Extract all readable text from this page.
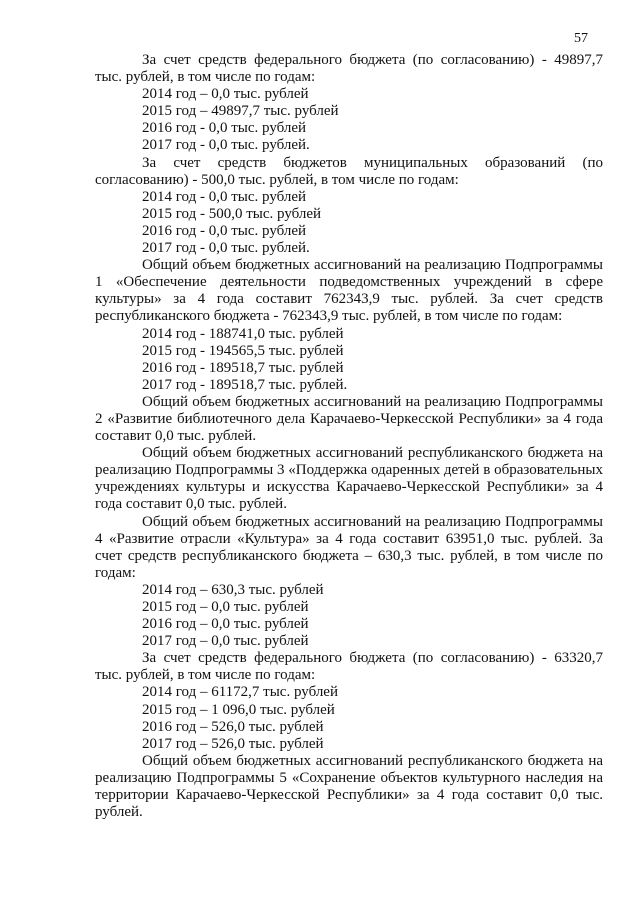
57

За счет средств федерального бюджета (по согласованию) - 49897,7 тыс. рублей, в том числе по годам:

2014 год – 0,0 тыс. рублей

2015 год – 49897,7 тыс. рублей

2016 год - 0,0 тыс. рублей

2017 год - 0,0 тыс. рублей.

За счет средств бюджетов муниципальных образований (по согласованию) - 500,0 тыс. рублей, в том числе по годам:

2014 год - 0,0 тыс. рублей

2015 год - 500,0 тыс. рублей

2016 год - 0,0 тыс. рублей

2017 год - 0,0 тыс. рублей.

Общий объем бюджетных ассигнований на реализацию Подпрограммы 1 «Обеспечение деятельности подведомственных учреждений в сфере культуры» за 4 года составит 762343,9 тыс. рублей. За счет средств республиканского бюджета - 762343,9 тыс. рублей, в том числе по годам:

2014 год - 188741,0 тыс. рублей

2015 год - 194565,5 тыс. рублей

2016 год - 189518,7 тыс. рублей

2017 год - 189518,7 тыс. рублей.

Общий объем бюджетных ассигнований на реализацию Подпрограммы 2 «Развитие библиотечного дела Карачаево-Черкесской Республики» за 4 года составит 0,0 тыс. рублей.

Общий объем бюджетных ассигнований республиканского бюджета на реализацию Подпрограммы 3 «Поддержка одаренных детей в образовательных учреждениях культуры и искусства Карачаево-Черкесской Республики» за 4 года составит 0,0 тыс. рублей.

Общий объем бюджетных ассигнований на реализацию Подпрограммы 4 «Развитие отрасли «Культура» за 4 года составит 63951,0 тыс. рублей. За счет средств республиканского бюджета – 630,3 тыс. рублей, в том числе по годам:

2014 год – 630,3 тыс. рублей

2015 год – 0,0 тыс. рублей

2016 год – 0,0 тыс. рублей

2017 год – 0,0 тыс. рублей

За счет средств федерального бюджета (по согласованию) - 63320,7 тыс. рублей, в том числе по годам:

2014 год – 61172,7 тыс. рублей

2015 год – 1 096,0 тыс. рублей

2016 год – 526,0 тыс. рублей

2017 год – 526,0 тыс. рублей

Общий объем бюджетных ассигнований республиканского бюджета на реализацию Подпрограммы 5 «Сохранение объектов культурного наследия на территории Карачаево-Черкесской Республики» за 4 года составит 0,0 тыс. рублей.
